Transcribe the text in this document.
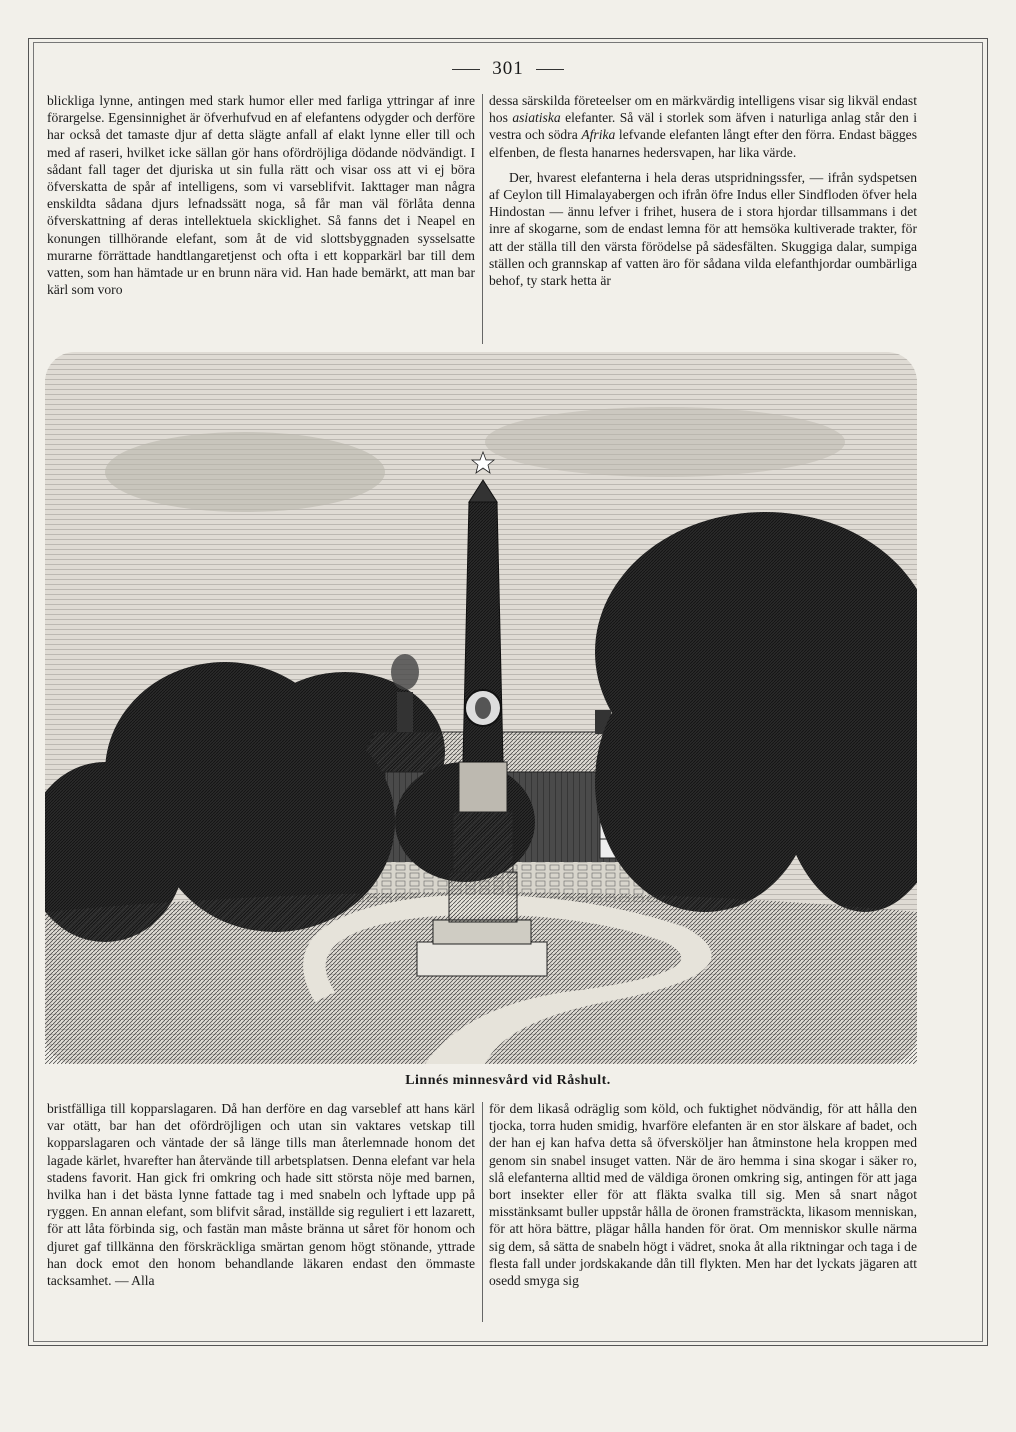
301

blickliga lynne, antingen med stark humor eller med farliga yttringar af inre förargelse. Egensinnighet är öfverhufvud en af elefantens odygder och derföre har också det tamaste djur af detta slägte anfall af elakt lynne eller till och med af raseri, hvilket icke sällan gör hans ofördröjliga dödande nödvändigt. I sådant fall tager det djuriska ut sin fulla rätt och visar oss att vi ej böra öfverskatta de spår af intelligens, som vi varseblifvit. Iakttager man några enskildta sådana djurs lefnadssätt noga, så får man väl förlåta denna öfverskattning af deras intellektuela skicklighet. Så fanns det i Neapel en konungen tillhörande elefant, som åt de vid slottsbyggnaden sysselsatte murarne förrättade handtlangaretjenst och ofta i ett kopparkärl bar till dem vatten, som han hämtade ur en brunn nära vid. Han hade bemärkt, att man bar kärl som voro

dessa särskilda företeelser om en märkvärdig intelligens visar sig likväl endast hos asiatiska elefanter. Så väl i storlek som äfven i naturliga anlag står den i vestra och södra Afrika lefvande elefanten långt efter den förra. Endast bägges elfenben, de flesta hanarnes hedersvapen, har lika värde.

Der, hvarest elefanterna i hela deras utspridningssfer, — ifrån sydspetsen af Ceylon till Himalayabergen och ifrån öfre Indus eller Sindfloden öfver hela Hindostan — ännu lefver i frihet, husera de i stora hjordar tillsammans i det inre af skogarne, som de endast lemna för att hemsöka kultiverade trakter, för att der ställa till den värsta förödelse på sädesfälten. Skuggiga dalar, sumpiga ställen och grannskap af vatten äro för sådana vilda elefanthjordar oumbärliga behof, ty stark hetta är

Linnés minnesvård vid Råshult.

bristfälliga till kopparslagaren. Då han derföre en dag varseblef att hans kärl var otätt, bar han det ofördröjligen och utan sin vaktares vetskap till kopparslagaren och väntade der så länge tills man återlemnade honom det lagade kärlet, hvarefter han återvände till arbetsplatsen. Denna elefant var hela stadens favorit. Han gick fri omkring och hade sitt största nöje med barnen, hvilka han i det bästa lynne fattade tag i med snabeln och lyftade upp på ryggen. En annan elefant, som blifvit sårad, inställde sig reguliert i ett lazarett, för att låta förbinda sig, och fastän man måste bränna ut såret för honom och djuret gaf tillkänna den förskräckliga smärtan genom högt stönande, yttrade han dock emot den honom behandlande läkaren endast den ömmaste tacksamhet. — Alla

för dem likaså odräglig som köld, och fuktighet nödvändig, för att hålla den tjocka, torra huden smidig, hvarföre elefanten är en stor älskare af badet, och der han ej kan hafva detta så öfversköljer han åtminstone hela kroppen med genom sin snabel insuget vatten. När de äro hemma i sina skogar i säker ro, slå elefanterna alltid med de väldiga öronen omkring sig, antingen för att jaga bort insekter eller för att fläkta svalka till sig. Men så snart något misstänksamt buller uppstår hålla de öronen framsträckta, likasom menniskan, för att höra bättre, plägar hålla handen för örat. Om menniskor skulle närma sig dem, så sätta de snabeln högt i vädret, snoka åt alla riktningar och taga i de flesta fall under jordskakande dån till flykten. Men har det lyckats jägaren att osedd smyga sig
